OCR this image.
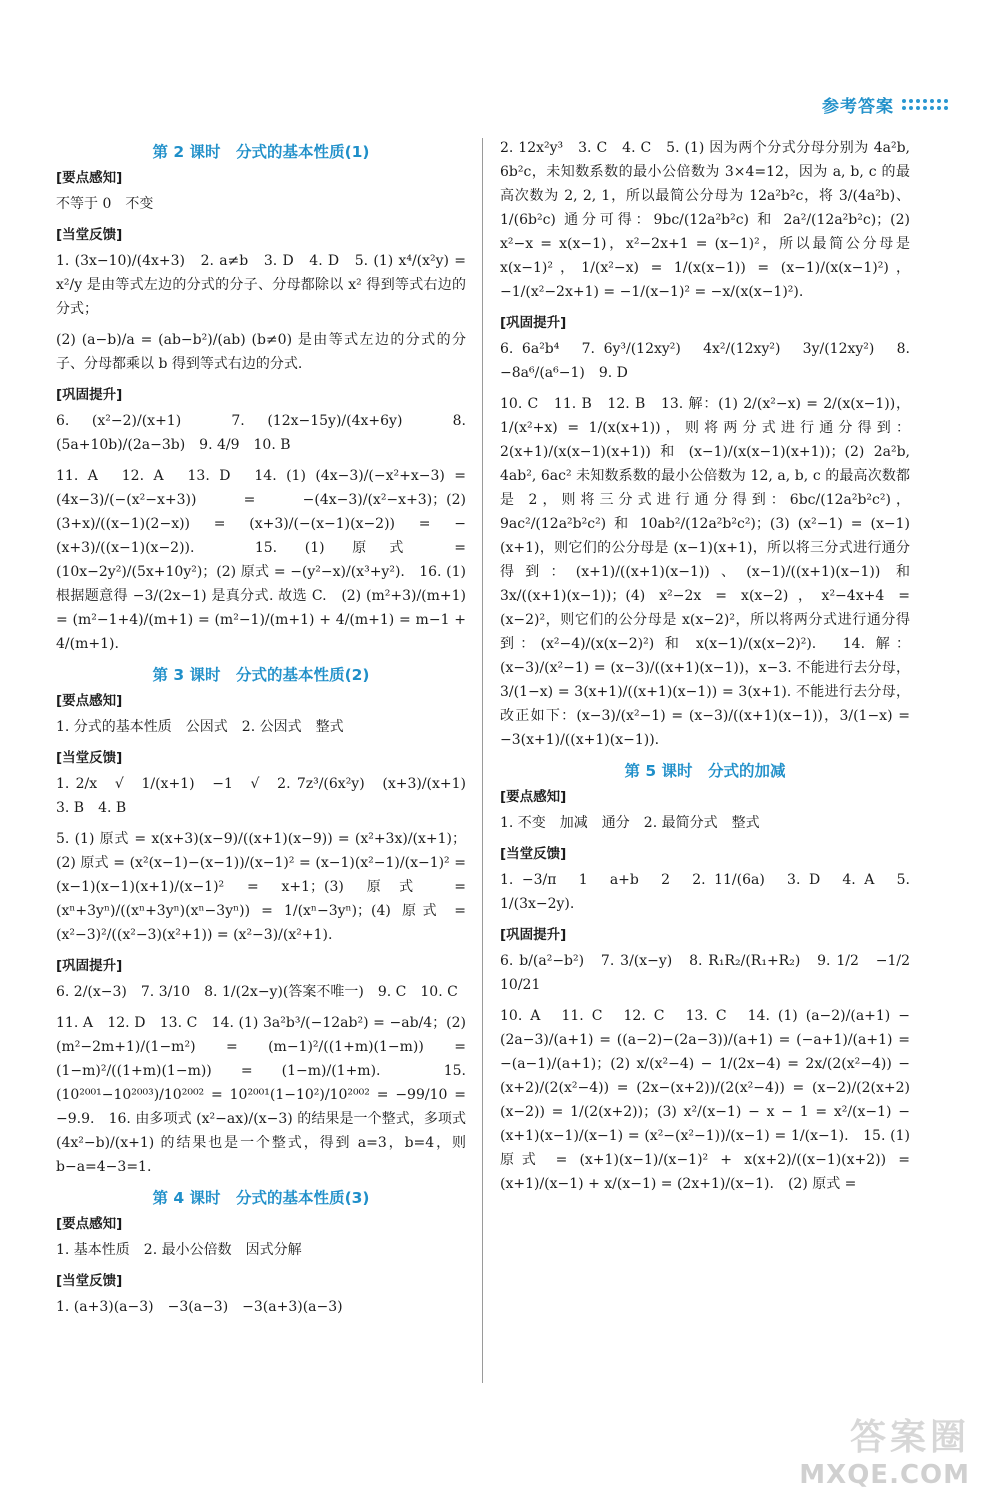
参考答案
第 2 课时　分式的基本性质(1)
[要点感知]
不等于 0　不变
[当堂反馈]
1. (3x−10)/(4x+3)　2. a≠b　3. D　4. D　5. (1) x⁴/(x²y) = x²/y 是由等式左边的分式的分子、分母都除以 x² 得到等式右边的分式；
(2) (a−b)/a = (ab−b²)/(ab) (b≠0) 是由等式左边的分式的分子、分母都乘以 b 得到等式右边的分式.
[巩固提升]
6. (x²−2)/(x+1)　7. (12x−15y)/(4x+6y)　8. (5a+10b)/(2a−3b)　9. 4/9　10. B
11. A　12. A　13. D　14. (1) (4x−3)/(−x²+x−3) = (4x−3)/(−(x²−x+3)) = −(4x−3)/(x²−x+3)；(2) (3+x)/((x−1)(2−x)) = (x+3)/(−(x−1)(x−2)) = −(x+3)/((x−1)(x−2)).　15. (1) 原式 = (10x−2y²)/(5x+10y²)；(2) 原式 = −(y²−x)/(x³+y²).　16. (1) 根据题意得 −3/(2x−1) 是真分式. 故选 C.　(2) (m²+3)/(m+1) = (m²−1+4)/(m+1) = (m²−1)/(m+1) + 4/(m+1) = m−1 + 4/(m+1).
第 3 课时　分式的基本性质(2)
[要点感知]
1. 分式的基本性质　公因式　2. 公因式　整式
[当堂反馈]
1. 2/x　√　1/(x+1)　−1　√　2. 7z³/(6x²y)　(x+3)/(x+1)　3. B　4. B
5. (1) 原式 = x(x+3)(x−9)/((x+1)(x−9)) = (x²+3x)/(x+1)；(2) 原式 = (x²(x−1)−(x−1))/(x−1)² = (x−1)(x²−1)/(x−1)² = (x−1)(x−1)(x+1)/(x−1)² = x+1；(3) 原式 = (xⁿ+3yⁿ)/((xⁿ+3yⁿ)(xⁿ−3yⁿ)) = 1/(xⁿ−3yⁿ)；(4) 原式 = (x²−3)²/((x²−3)(x²+1)) = (x²−3)/(x²+1).
[巩固提升]
6. 2/(x−3)　7. 3/10　8. 1/(2x−y)(答案不唯一)　9. C　10. C
11. A　12. D　13. C　14. (1) 3a²b³/(−12ab²) = −ab/4；(2) (m²−2m+1)/(1−m²) = (m−1)²/((1+m)(1−m)) = (1−m)²/((1+m)(1−m)) = (1−m)/(1+m).　15. (10²⁰⁰¹−10²⁰⁰³)/10²⁰⁰² = 10²⁰⁰¹(1−10²)/10²⁰⁰² = −99/10 = −9.9.　16. 由多项式 (x²−ax)/(x−3) 的结果是一个整式，多项式 (4x²−b)/(x+1) 的结果也是一个整式，得到 a=3，b=4，则 b−a=4−3=1.
第 4 课时　分式的基本性质(3)
[要点感知]
1. 基本性质　2. 最小公倍数　因式分解
[当堂反馈]
1. (a+3)(a−3)　−3(a−3)　−3(a+3)(a−3)
2. 12x²y³　3. C　4. C　5. (1) 因为两个分式分母分别为 4a²b, 6b²c，未知数系数的最小公倍数为 3×4=12，因为 a, b, c 的最高次数为 2, 2, 1，所以最简公分母为 12a²b²c，将 3/(4a²b)、1/(6b²c) 通分可得：9bc/(12a²b²c) 和 2a²/(12a²b²c)；(2) x²−x = x(x−1)，x²−2x+1 = (x−1)²，所以最简公分母是 x(x−1)²，1/(x²−x) = 1/(x(x−1)) = (x−1)/(x(x−1)²)，−1/(x²−2x+1) = −1/(x−1)² = −x/(x(x−1)²).
[巩固提升]
6. 6a²b⁴　7. 6y³/(12xy²)　4x²/(12xy²)　3y/(12xy²)　8. −8a⁶/(a⁶−1)　9. D
10. C　11. B　12. B　13. 解：(1) 2/(x²−x) = 2/(x(x−1))，1/(x²+x) = 1/(x(x+1))，则将两分式进行通分得到：2(x+1)/(x(x−1)(x+1)) 和 (x−1)/(x(x−1)(x+1))；(2) 2a²b, 4ab², 6ac² 未知数系数的最小公倍数为 12, a, b, c 的最高次数都是 2，则将三分式进行通分得到：6bc/(12a²b²c²)，9ac²/(12a²b²c²) 和 10ab²/(12a²b²c²)；(3) (x²−1) = (x−1)(x+1)，则它们的公分母是 (x−1)(x+1)，所以将三分式进行通分得到：(x+1)/((x+1)(x−1))、(x−1)/((x+1)(x−1)) 和 3x/((x+1)(x−1))；(4) x²−2x = x(x−2)，x²−4x+4 = (x−2)²，则它们的公分母是 x(x−2)²，所以将两分式进行通分得到：(x²−4)/(x(x−2)²) 和 x(x−1)/(x(x−2)²).　14. 解：(x−3)/(x²−1) = (x−3)/((x+1)(x−1))，x−3. 不能进行去分母，3/(1−x) = 3(x+1)/((x+1)(x−1)) = 3(x+1). 不能进行去分母，改正如下：(x−3)/(x²−1) = (x−3)/((x+1)(x−1))，3/(1−x) = −3(x+1)/((x+1)(x−1)).
第 5 课时　分式的加减
[要点感知]
1. 不变　加减　通分　2. 最简分式　整式
[当堂反馈]
1. −3/π　1　a+b　2　2. 11/(6a)　3. D　4. A　5. 1/(3x−2y).
[巩固提升]
6. b/(a²−b²)　7. 3/(x−y)　8. R₁R₂/(R₁+R₂)　9. 1/2　−1/2　10/21
10. A　11. C　12. C　13. C　14. (1) (a−2)/(a+1) − (2a−3)/(a+1) = ((a−2)−(2a−3))/(a+1) = (−a+1)/(a+1) = −(a−1)/(a+1)；(2) x/(x²−4) − 1/(2x−4) = 2x/(2(x²−4)) − (x+2)/(2(x²−4)) = (2x−(x+2))/(2(x²−4)) = (x−2)/(2(x+2)(x−2)) = 1/(2(x+2))；(3) x²/(x−1) − x − 1 = x²/(x−1) − (x+1)(x−1)/(x−1) = (x²−(x²−1))/(x−1) = 1/(x−1).　15. (1) 原式 = (x+1)(x−1)/(x−1)² + x(x+2)/((x−1)(x+2)) = (x+1)/(x−1) + x/(x−1) = (2x+1)/(x−1).　(2) 原式 =
答案圈
MXQE.COM
